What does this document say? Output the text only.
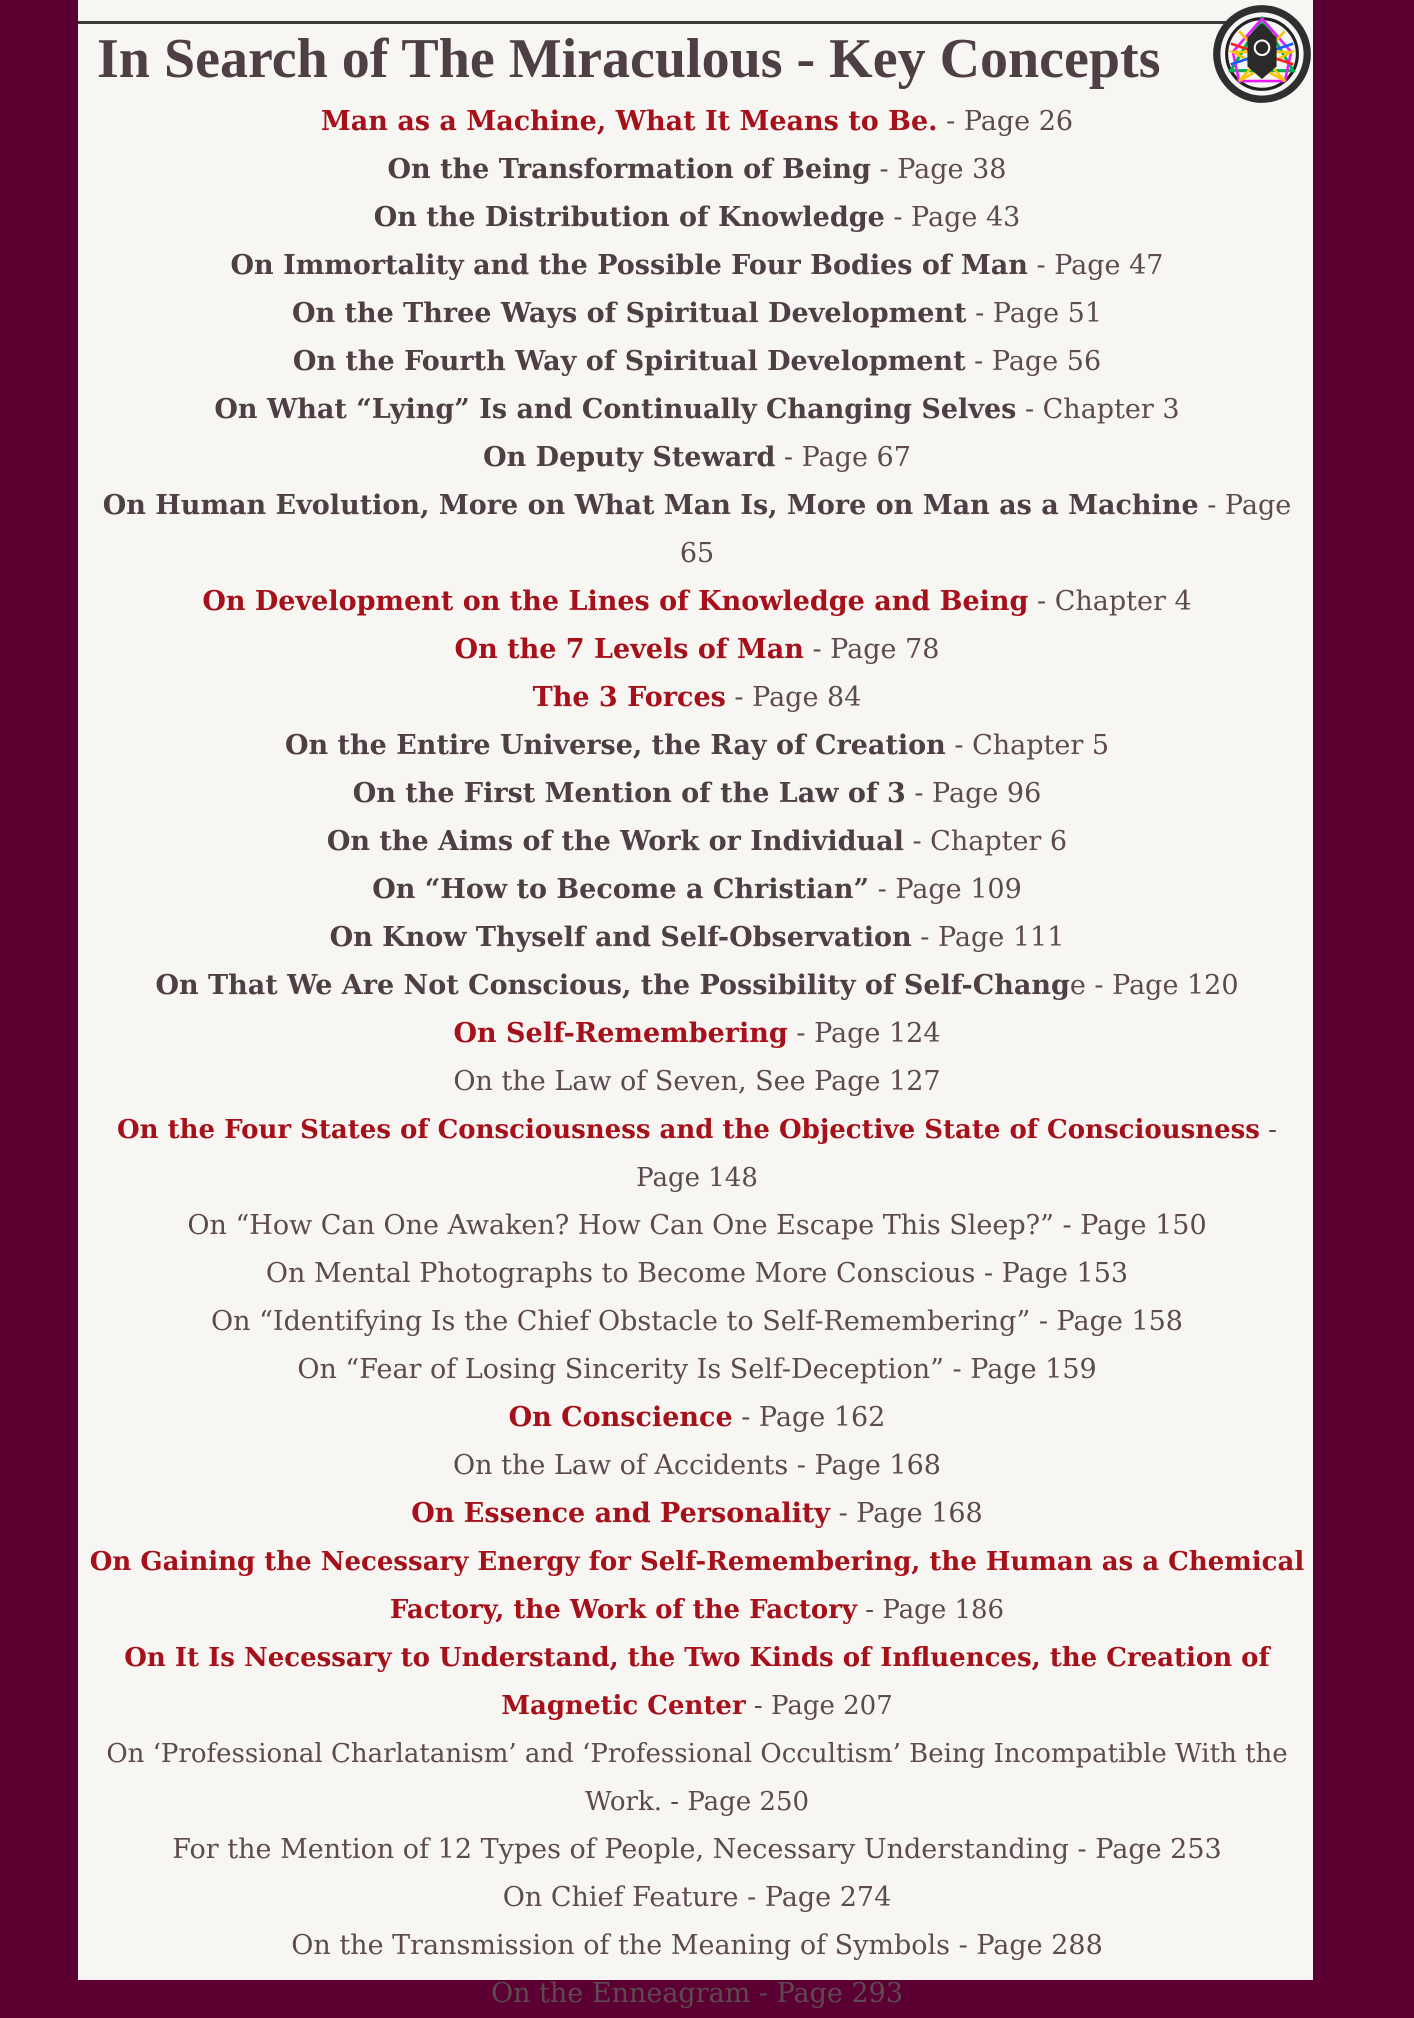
In Search of The Miraculous - Key Concepts
Man as a Machine, What It Means to Be. - Page 26
On the Transformation of Being - Page 38
On the Distribution of Knowledge - Page 43
On Immortality and the Possible Four Bodies of Man - Page 47
On the Three Ways of Spiritual Development - Page 51
On the Fourth Way of Spiritual Development - Page 56
On What “Lying” Is and Continually Changing Selves - Chapter 3
On Deputy Steward - Page 67
On Human Evolution, More on What Man Is, More on Man as a Machine - Page 65
On Development on the Lines of Knowledge and Being - Chapter 4
On the 7 Levels of Man - Page 78
The 3 Forces - Page 84
On the Entire Universe, the Ray of Creation - Chapter 5
On the First Mention of the Law of 3 - Page 96
On the Aims of the Work or Individual - Chapter 6
On “How to Become a Christian” - Page 109
On Know Thyself and Self-Observation - Page 111
On That We Are Not Conscious, the Possibility of Self-Change - Page 120
On Self-Remembering - Page 124
On the Law of Seven, See Page 127
On the Four States of Consciousness and the Objective State of Consciousness - Page 148
On “How Can One Awaken? How Can One Escape This Sleep?” - Page 150
On Mental Photographs to Become More Conscious - Page 153
On “Identifying Is the Chief Obstacle to Self-Remembering” - Page 158
On “Fear of Losing Sincerity Is Self-Deception” - Page 159
On Conscience - Page 162
On the Law of Accidents - Page 168
On Essence and Personality - Page 168
On Gaining the Necessary Energy for Self-Remembering, the Human as a Chemical Factory, the Work of the Factory - Page 186
On It Is Necessary to Understand, the Two Kinds of Influences, the Creation of Magnetic Center - Page 207
On ‘Professional Charlatanism’ and ‘Professional Occultism’ Being Incompatible With the Work. - Page 250
For the Mention of 12 Types of People, Necessary Understanding - Page 253
On Chief Feature - Page 274
On the Transmission of the Meaning of Symbols - Page 288
On the Enneagram - Page 293
